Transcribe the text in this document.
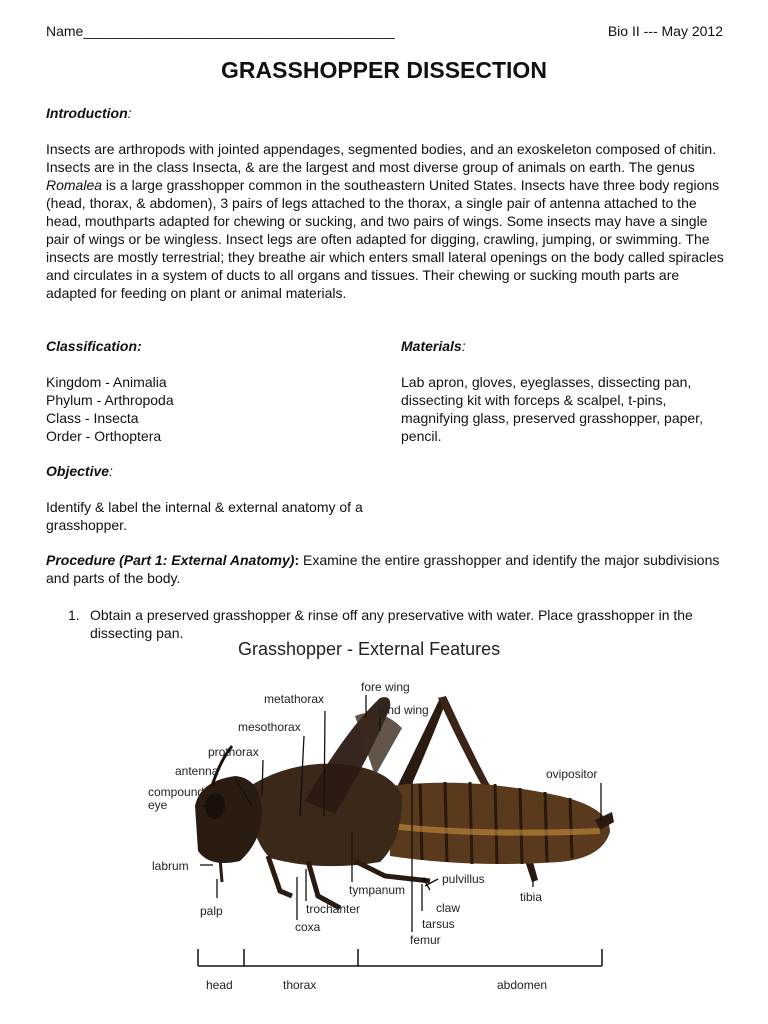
Name________________________________________	Bio II --- May 2012
GRASSHOPPER DISSECTION
Introduction:
Insects are arthropods with jointed appendages, segmented bodies, and an exoskeleton composed of chitin. Insects are in the class Insecta, & are the largest and most diverse group of animals on earth. The genus Romalea is a large grasshopper common in the southeastern United States. Insects have three body regions (head, thorax, & abdomen), 3 pairs of legs attached to the thorax, a single pair of antenna attached to the head, mouthparts adapted for chewing or sucking, and two pairs of wings. Some insects may have a single pair of wings or be wingless. Insect legs are often adapted for digging, crawling, jumping, or swimming. The insects are mostly terrestrial; they breathe air which enters small lateral openings on the body called spiracles and circulates in a system of ducts to all organs and tissues. Their chewing or sucking mouth parts are adapted for feeding on plant or animal materials.
Classification:
Kingdom - Animalia
Phylum - Arthropoda
Class - Insecta
Order - Orthoptera
Materials:
Lab apron, gloves, eyeglasses, dissecting pan, dissecting kit with forceps & scalpel, t-pins, magnifying glass, preserved grasshopper, paper, pencil.
Objective:
Identify & label the internal & external anatomy of a grasshopper.
Procedure (Part 1: External Anatomy): Examine the entire grasshopper and identify the major subdivisions and parts of the body.
1. Obtain a preserved grasshopper & rinse off any preservative with water. Place grasshopper in the dissecting pan.
Grasshopper - External Features
fore wing
metathorax
hind wing
mesothorax
prothorax
antenna
compound
eye
ovipositor
labrum
pulvillus
tympanum
claw
tibia
palp	trochanter
tarsus
coxa
femur
head	thorax	abdomen
